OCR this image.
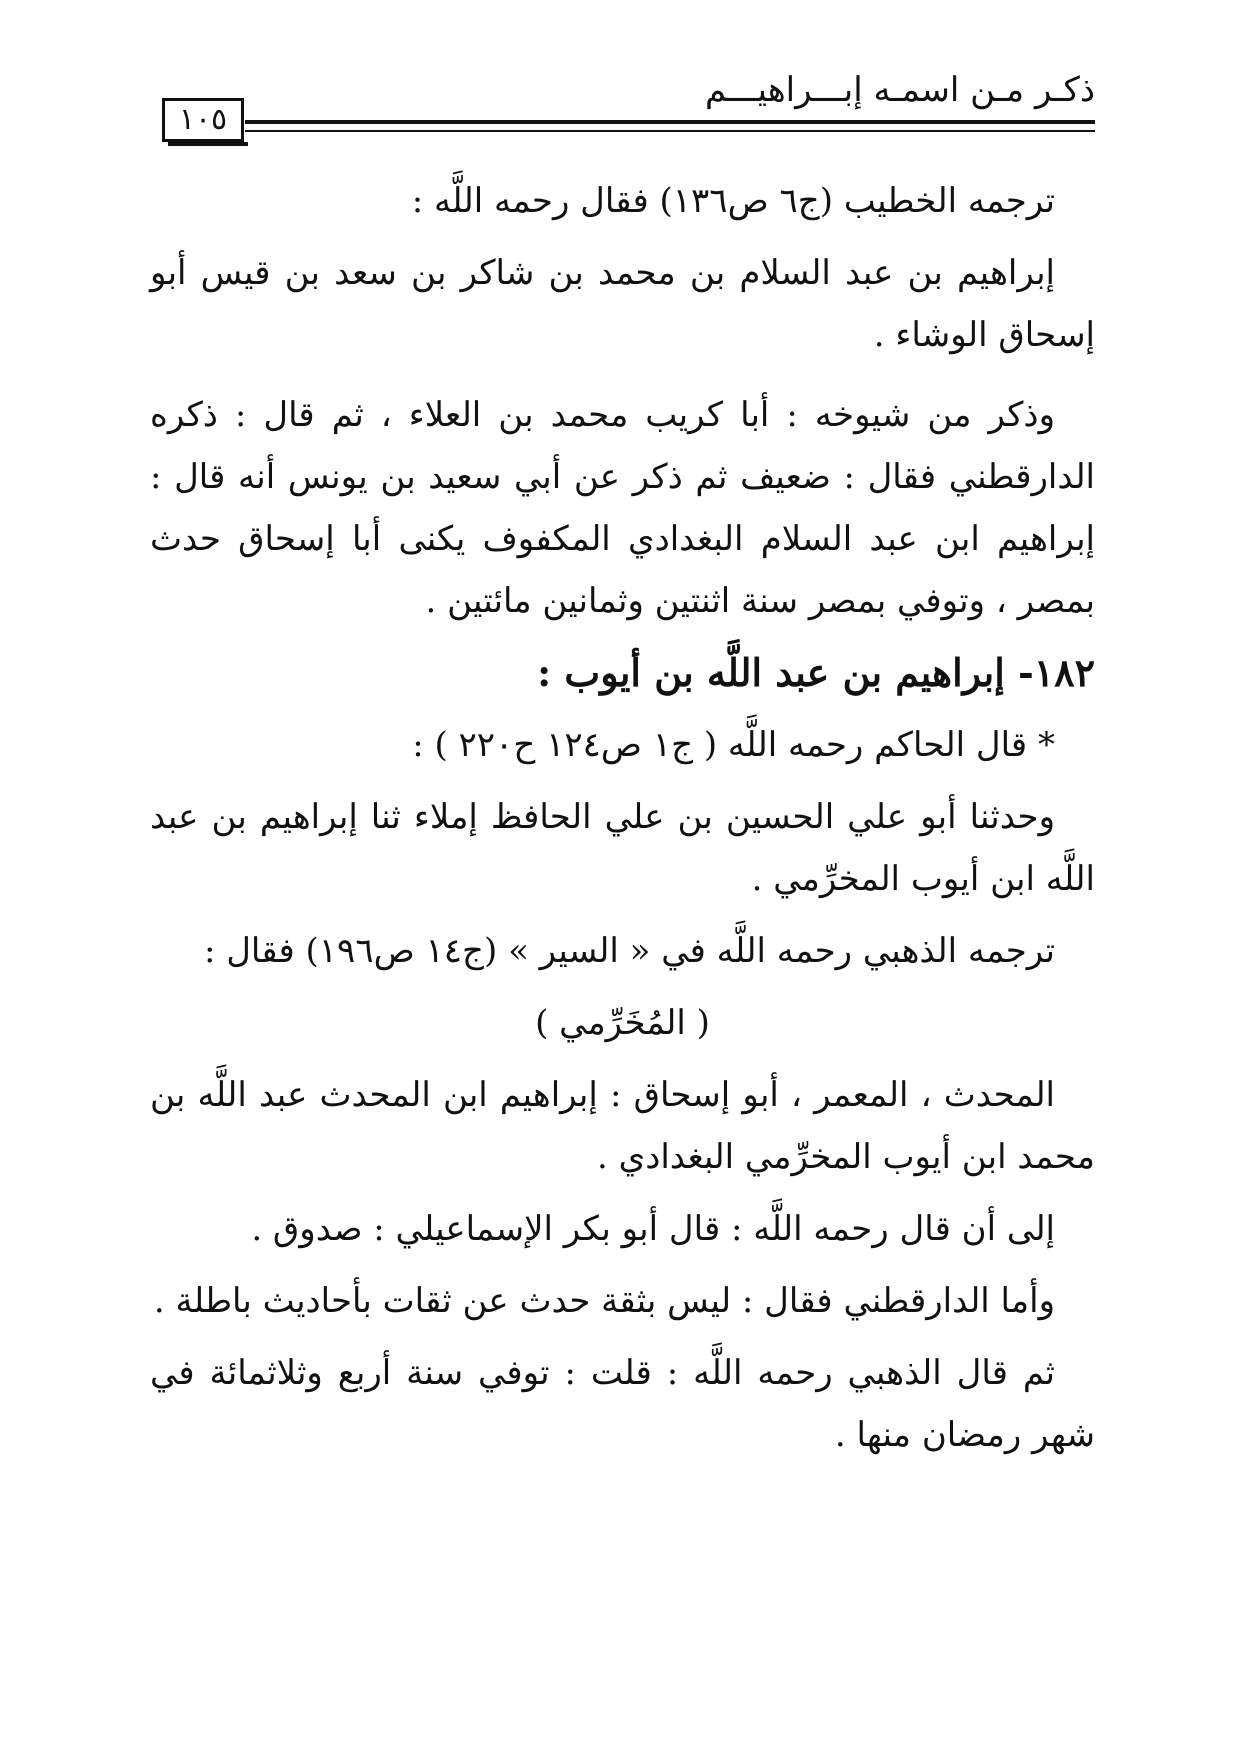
ذكـر مـن اسمـه إبـــراهيـــم
١٠٥

ترجمه الخطيب (ج٦ ص١٣٦) فقال رحمه اللَّه :

إبراهيم بن عبد السلام بن محمد بن شاكر بن سعد بن قيس أبو إسحاق الوشاء .

وذكر من شيوخه : أبا كريب محمد بن العلاء ، ثم قال : ذكره الدارقطني فقال : ضعيف ثم ذكر عن أبي سعيد بن يونس أنه قال : إبراهيم ابن عبد السلام البغدادي المكفوف يكنى أبا إسحاق حدث بمصر ، وتوفي بمصر سنة اثنتين وثمانين مائتين .

١٨٢- إبراهيم بن عبد اللَّه بن أيوب :

* قال الحاكم رحمه اللَّه ( ج١ ص١٢٤ ح٢٢٠ ) :

وحدثنا أبو علي الحسين بن علي الحافظ إملاء ثنا إبراهيم بن عبد اللَّه ابن أيوب المخرِّمي .

ترجمه الذهبي رحمه اللَّه في « السير » (ج١٤ ص١٩٦) فقال :

( المُخَرِّمي )

المحدث ، المعمر ، أبو إسحاق : إبراهيم ابن المحدث عبد اللَّه بن محمد ابن أيوب المخرِّمي البغدادي .

إلى أن قال رحمه اللَّه : قال أبو بكر الإسماعيلي : صدوق .

وأما الدارقطني فقال : ليس بثقة حدث عن ثقات بأحاديث باطلة .

ثم قال الذهبي رحمه اللَّه : قلت : توفي سنة أربع وثلاثمائة في شهر رمضان منها .
